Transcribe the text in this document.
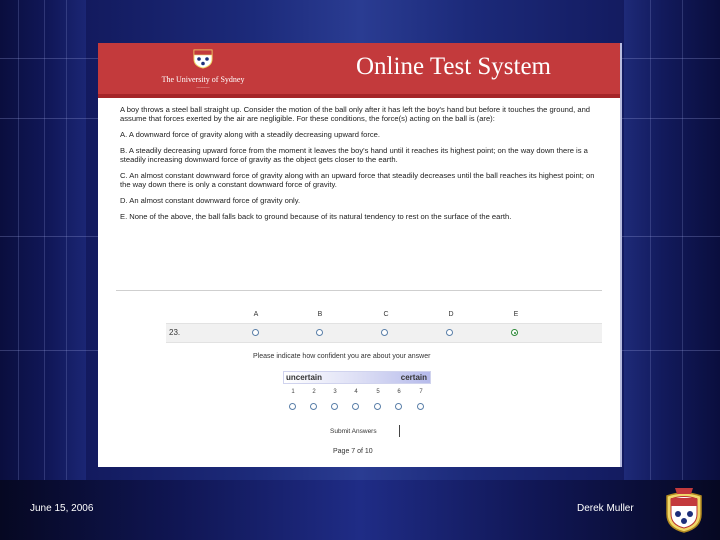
June 15, 2006	Derek Muller
The University of Sydney
~~~~~~
Online Test System

A boy throws a steel ball straight up. Consider the motion of the ball only after it has left the boy's hand but before it touches the ground, and assume that forces exerted by the air are negligible. For these conditions, the force(s) acting on the ball is (are):

A. A downward force of gravity along with a steadily decreasing upward force.

B. A steadily decreasing upward force from the moment it leaves the boy's hand until it reaches its highest point; on the way down there is a steadily increasing downward force of gravity as the object gets closer to the earth.

C. An almost constant downward force of gravity along with an upward force that steadily decreases until the ball reaches its highest point; on the way down there is only a constant downward force of gravity.

D. An almost constant downward force of gravity only.

E. None of the above, the ball falls back to ground because of its natural tendency to rest on the surface of the earth.

A	B	C	D	E
23.
Please indicate how confident you are about your answer
uncertain	certain
1	2	3	4	5	6	7
Submit Answers
Page 7 of 10
